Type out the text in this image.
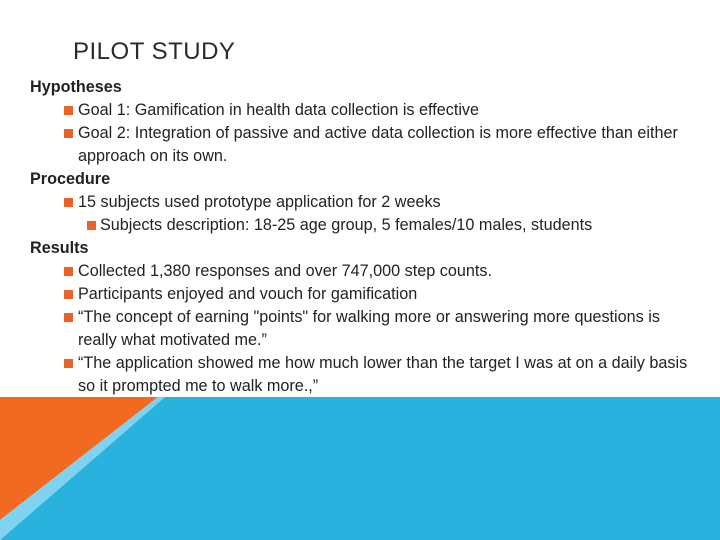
PILOT STUDY
Hypotheses
Goal 1: Gamification in health data collection is effective
Goal 2: Integration of passive and active data collection is more effective than either approach on its own.
Procedure
15 subjects used prototype application for 2 weeks
Subjects description: 18-25 age group, 5 females/10 males, students
Results
Collected 1,380 responses and over 747,000 step counts.
Participants enjoyed and vouch for gamification
“The concept of earning "points" for walking more or answering more questions is really what motivated me.”
“The application showed me how much lower than the target I was at on a daily basis so it prompted me to walk more.,”
